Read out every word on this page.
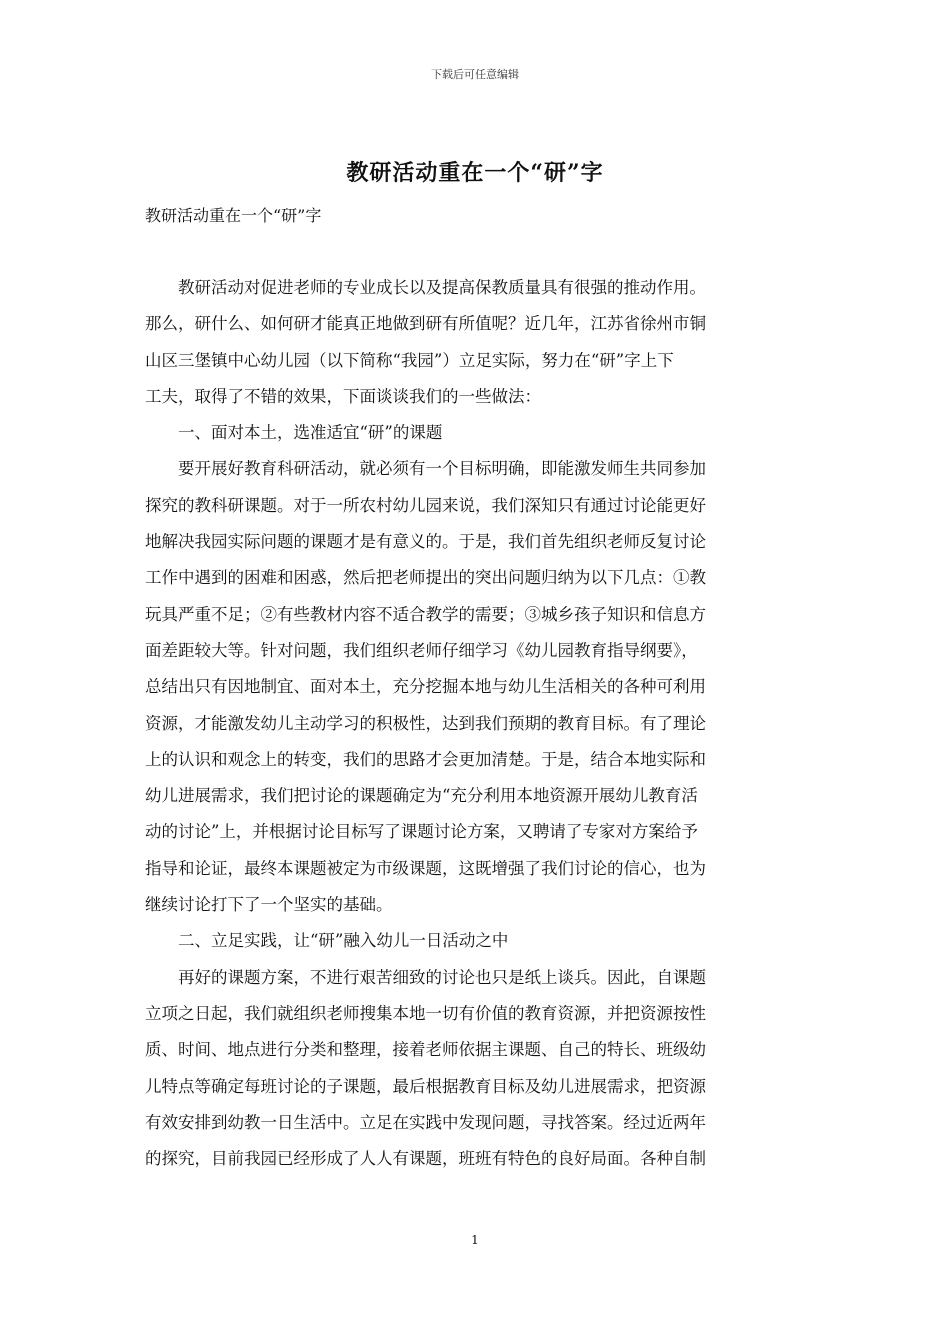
下载后可任意编辑
教研活动重在一个“研”字
教研活动重在一个“研”字
　　教研活动对促进老师的专业成长以及提高保教质量具有很强的推动作用。
那么，研什么、如何研才能真正地做到研有所值呢？近几年，江苏省徐州市铜
山区三堡镇中心幼儿园（以下简称“我园”）立足实际，努力在“研”字上下
工夫，取得了不错的效果，下面谈谈我们的一些做法：
　　一、面对本土，选准适宜“研”的课题
　　要开展好教育科研活动，就必须有一个目标明确，即能激发师生共同参加
探究的教科研课题。对于一所农村幼儿园来说，我们深知只有通过讨论能更好
地解决我园实际问题的课题才是有意义的。于是，我们首先组织老师反复讨论
工作中遇到的困难和困惑，然后把老师提出的突出问题归纳为以下几点：①教
玩具严重不足；②有些教材内容不适合教学的需要；③城乡孩子知识和信息方
面差距较大等。针对问题，我们组织老师仔细学习《幼儿园教育指导纲要》，
总结出只有因地制宜、面对本土，充分挖掘本地与幼儿生活相关的各种可利用
资源，才能激发幼儿主动学习的积极性，达到我们预期的教育目标。有了理论
上的认识和观念上的转变，我们的思路才会更加清楚。于是，结合本地实际和
幼儿进展需求，我们把讨论的课题确定为“充分利用本地资源开展幼儿教育活
动的讨论”上，并根据讨论目标写了课题讨论方案，又聘请了专家对方案给予
指导和论证，最终本课题被定为市级课题，这既增强了我们讨论的信心，也为
继续讨论打下了一个坚实的基础。
　　二、立足实践，让“研”融入幼儿一日活动之中
　　再好的课题方案，不进行艰苦细致的讨论也只是纸上谈兵。因此，自课题
立项之日起，我们就组织老师搜集本地一切有价值的教育资源，并把资源按性
质、时间、地点进行分类和整理，接着老师依据主课题、自己的特长、班级幼
儿特点等确定每班讨论的子课题，最后根据教育目标及幼儿进展需求，把资源
有效安排到幼教一日生活中。立足在实践中发现问题，寻找答案。经过近两年
的探究，目前我园已经形成了人人有课题，班班有特色的良好局面。各种自制
1
